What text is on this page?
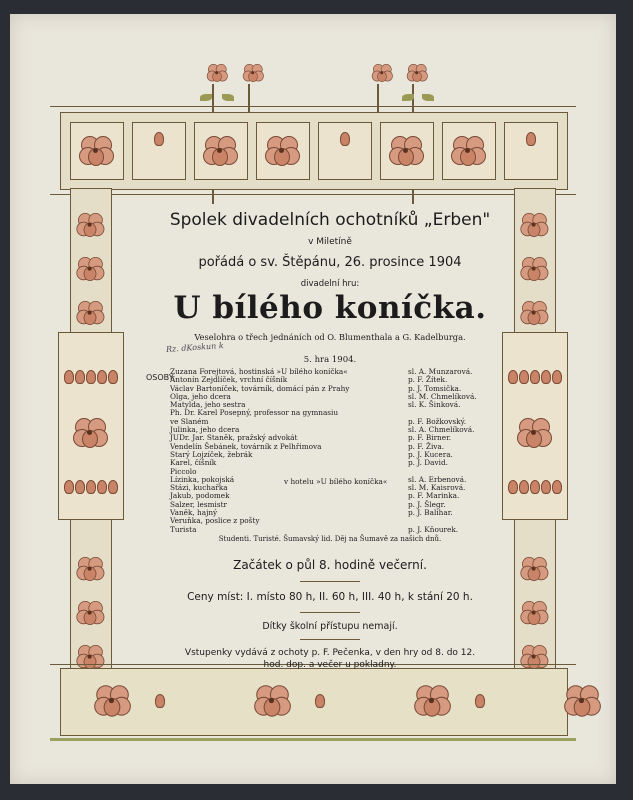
Spolek divadelních ochotníků „Erben"
v Miletíně
pořádá o sv. Štěpánu, 26. prosince 1904
divadelní hru:
U bílého koníčka.
Veselohra o třech jednáních od O. Blumenthala a G. Kadelburga.
Rz. dKoskun k
5. hra 1904.
OSOBY:
Zuzana Forejtová, hostinská »U bílého koníčka«	sl. A. Munzarová.
Antonín Zejdlíček, vrchní číšník	p. F. Žítek.
Václav Bartoníček, továrník, domácí pán z Prahy	p. J. Tomsička.
Olga, jeho dcera	sl. M. Chmelíková.
Matylda, jeho sestra	sl. K. Šinková.
Ph. Dr. Karel Posepný, professor na gymnasiu
ve Slaném	p. F. Božkovský.
Julinka, jeho dcera	sl. A. Chmelíková.
JUDr. Jar. Staněk, pražský advokát	p. F. Birner.
Vendelín Šebánek, továrník z Pelhřimova	p. F. Živa.
Starý Lojzíček, žebrák	p. J. Kucera.
Karel, číšník	p. J. David.
Piccolo
Lízinka, pokojská	sl. A. Erbenová.
Stázi, kuchařka	sl. M. Kaisrová.
Jakub, podomek	p. F. Marinka.
Salzer, lesmistr	p. J. Šlegr.
Vaněk, hajný	p. J. Balihar.
Veruňka, poslice z pošty
Turista	p. J. Kňourek.
v hotelu »U bílého koníčka«
Studenti. Turisté. Šumavský lid. Děj na Šumavě za našich dnů.
Začátek o půl 8. hodině večerní.
Ceny míst: I. místo 80 h, II. 60 h, III. 40 h, k stání 20 h.
Dítky školní přístupu nemají.
Vstupenky vydává z ochoty p. F. Pečenka, v den hry od 8. do 12.
hod. dop. a večer u pokladny.
